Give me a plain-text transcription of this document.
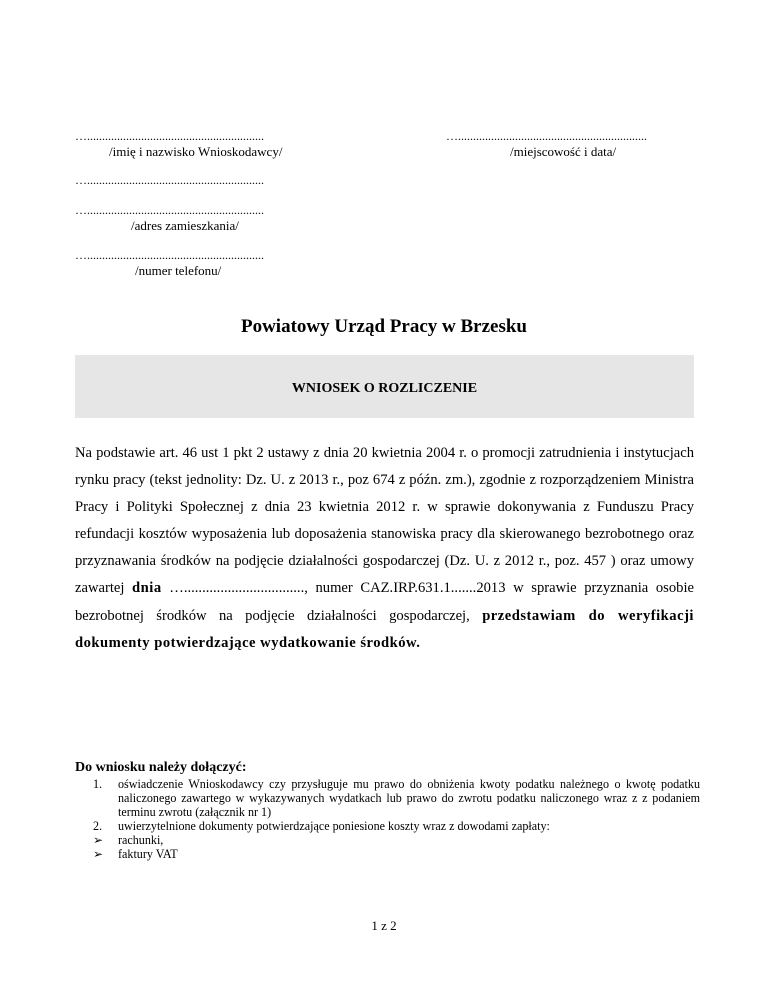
…...........................................................
/imię i nazwisko Wnioskodawcy/
…...............................................................
/miejscowość i data/
…...........................................................
…...........................................................
/adres zamieszkania/
…...........................................................
/numer telefonu/
Powiatowy Urząd Pracy w Brzesku
WNIOSEK O ROZLICZENIE
Na podstawie art. 46 ust 1 pkt 2 ustawy z dnia 20 kwietnia 2004 r. o promocji zatrudnienia i instytucjach rynku pracy (tekst jednolity: Dz. U. z 2013 r., poz 674 z późn. zm.), zgodnie z rozporządzeniem Ministra Pracy i Polityki Społecznej z dnia 23 kwietnia 2012 r. w sprawie dokonywania z Funduszu Pracy refundacji kosztów wyposażenia lub doposażenia stanowiska pracy dla skierowanego bezrobotnego oraz przyznawania środków na podjęcie działalności gospodarczej (Dz. U. z 2012 r., poz. 457 ) oraz umowy zawartej dnia …................................., numer CAZ.IRP.631.1.......2013 w sprawie przyznania osobie bezrobotnej środków na podjęcie działalności gospodarczej, przedstawiam do weryfikacji dokumenty potwierdzające wydatkowanie środków.
Do wniosku należy dołączyć:
1. oświadczenie Wnioskodawcy czy przysługuje mu prawo do obniżenia kwoty podatku należnego o kwotę podatku naliczonego zawartego w wykazywanych wydatkach lub prawo do zwrotu podatku naliczonego wraz z z podaniem terminu zwrotu (załącznik nr 1)
2. uwierzytelnione dokumenty potwierdzające poniesione koszty wraz z dowodami zapłaty:
➢ rachunki,
➢ faktury VAT
1 z 2
